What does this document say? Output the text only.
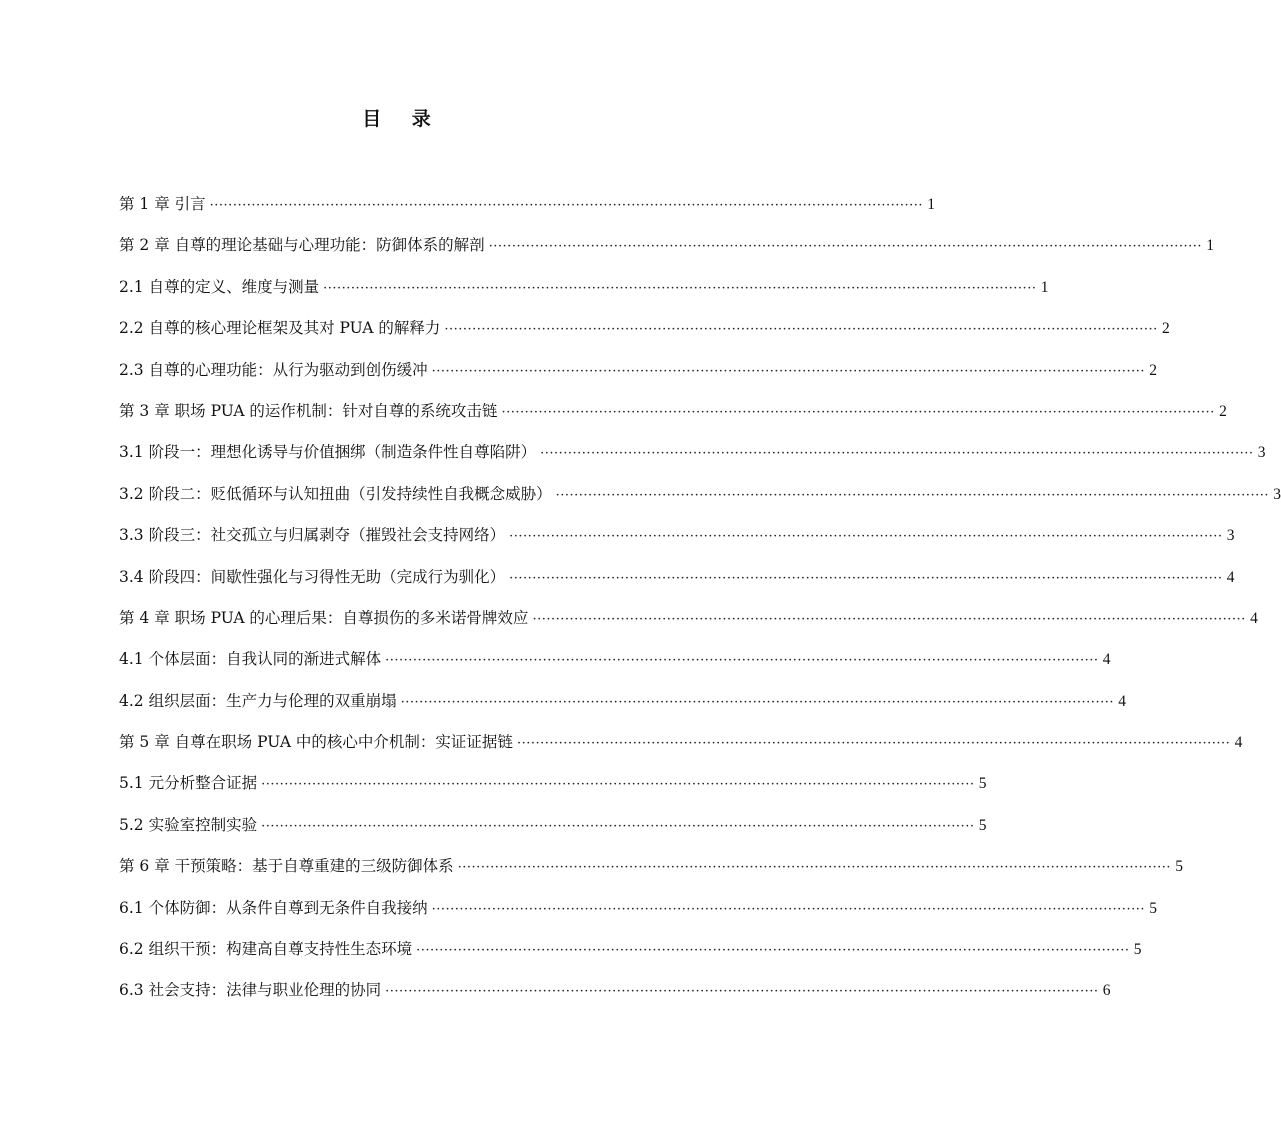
目 录
第 1 章 引言 ·····	1
第 2 章 自尊的理论基础与心理功能：防御体系的解剖 ·····	1
2.1 自尊的定义、维度与测量 ·····	1
2.2 自尊的核心理论框架及其对 PUA 的解释力 ·····	2
2.3 自尊的心理功能：从行为驱动到创伤缓冲 ·····	2
第 3 章 职场 PUA 的运作机制：针对自尊的系统攻击链 ·····	2
3.1 阶段一：理想化诱导与价值捆绑（制造条件性自尊陷阱） ·····	3
3.2 阶段二：贬低循环与认知扭曲（引发持续性自我概念威胁） ·····	3
3.3 阶段三：社交孤立与归属剥夺（摧毁社会支持网络） ·····	3
3.4 阶段四：间歇性强化与习得性无助（完成行为驯化） ·····	4
第 4 章 职场 PUA 的心理后果：自尊损伤的多米诺骨牌效应 ·····	4
4.1 个体层面：自我认同的渐进式解体 ·····	4
4.2 组织层面：生产力与伦理的双重崩塌 ·····	4
第 5 章 自尊在职场 PUA 中的核心中介机制：实证证据链 ·····	4
5.1 元分析整合证据 ·····	5
5.2 实验室控制实验 ·····	5
第 6 章 干预策略：基于自尊重建的三级防御体系 ·····	5
6.1 个体防御：从条件自尊到无条件自我接纳 ·····	5
6.2 组织干预：构建高自尊支持性生态环境 ·····	5
6.3 社会支持：法律与职业伦理的协同 ·····	6
